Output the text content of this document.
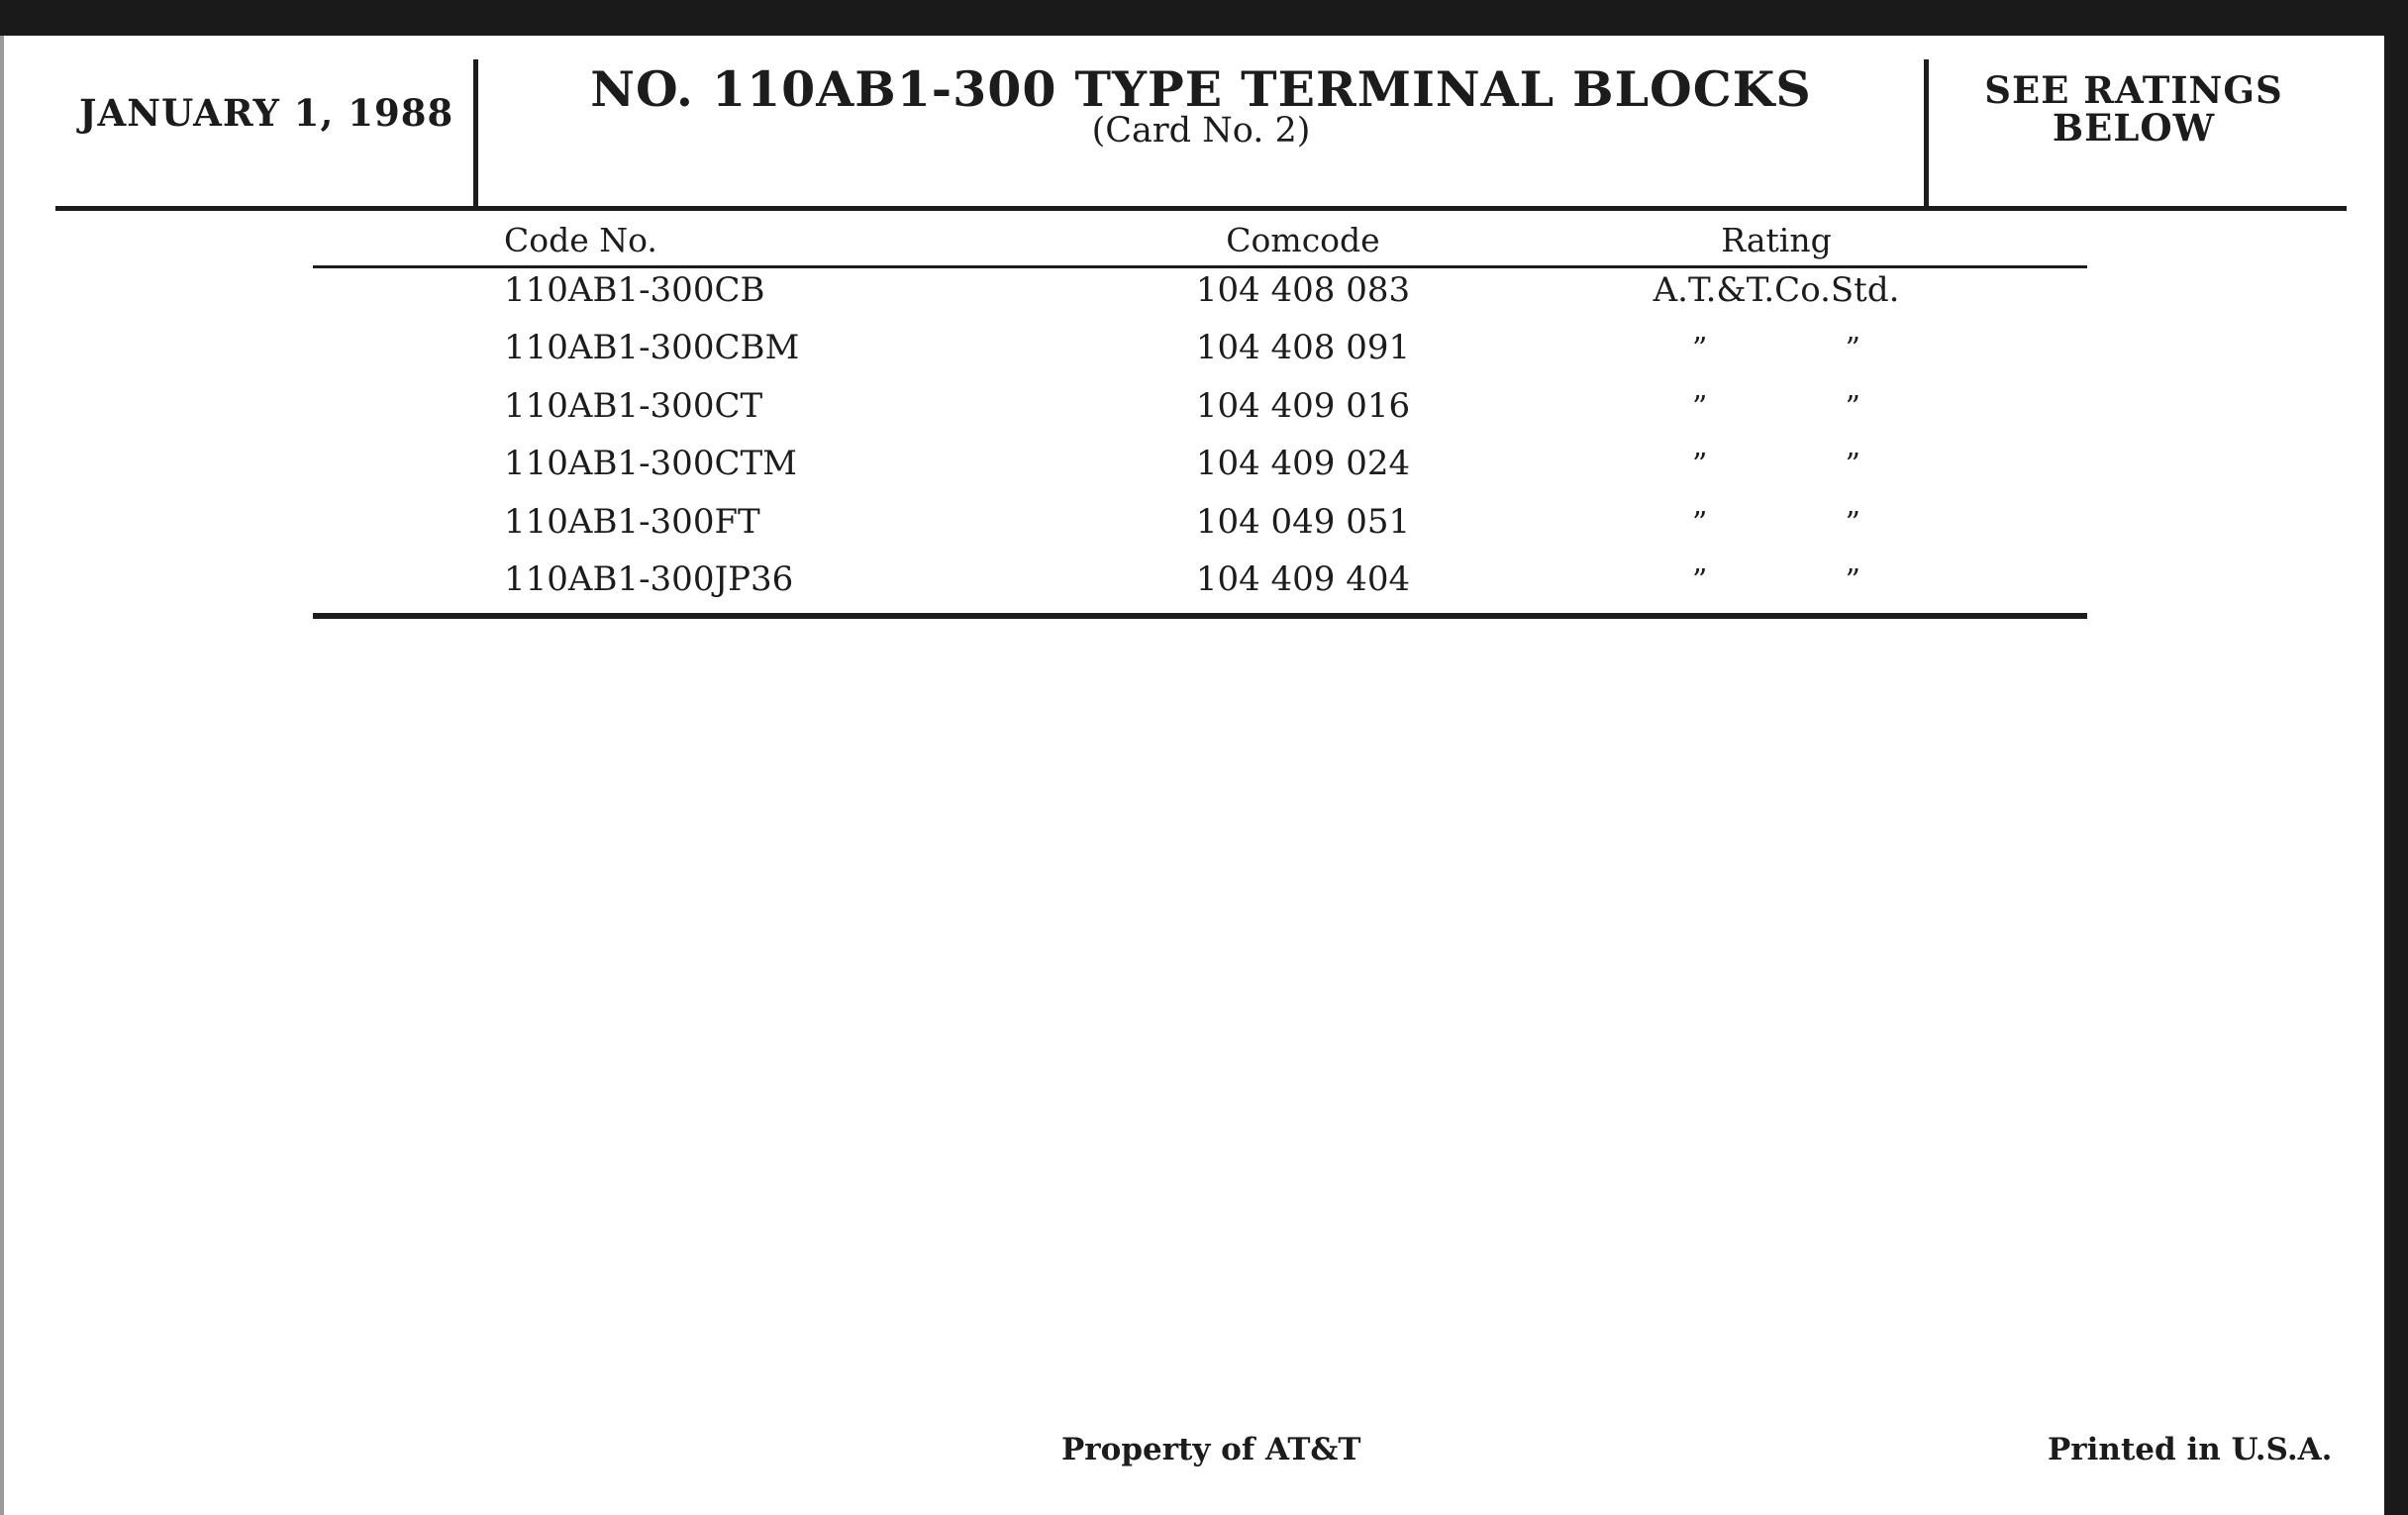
JANUARY 1, 1988	NO. 110AB1-300 TYPE TERMINAL BLOCKS
(Card No. 2)
SEE RATINGS
BELOW
Code No.	Comcode	Rating
110AB1-300CB	104 408 083	A.T.&T.Co.Std.
110AB1-300CBM	104 408 091	”	”
110AB1-300CT	104 409 016	”	”
110AB1-300CTM	104 409 024	”	”
110AB1-300FT	104 049 051	”	”
110AB1-300JP36	104 409 404	”	”
Property of AT&T	Printed in U.S.A.
